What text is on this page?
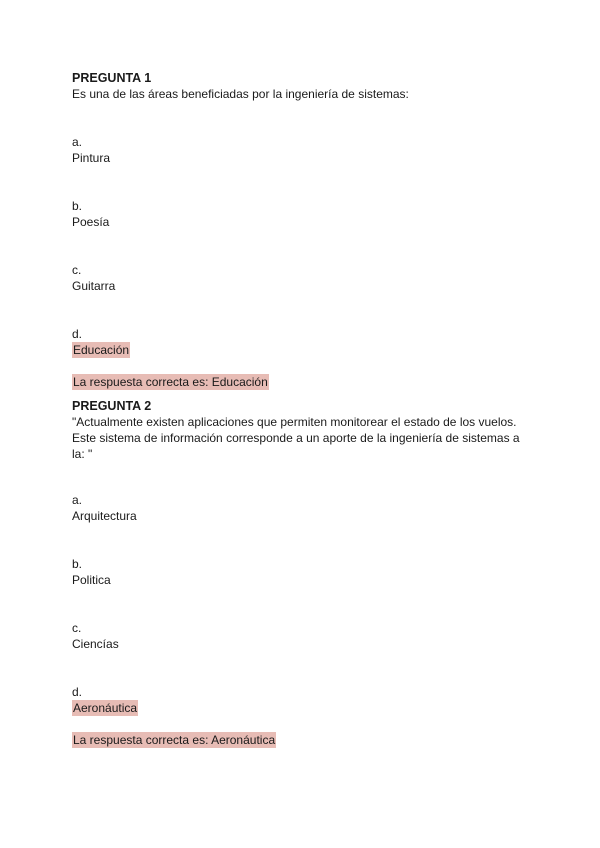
PREGUNTA 1
Es una de las áreas beneficiadas por la ingeniería de sistemas:
a.
Pintura
b.
Poesía
c.
Guitarra
d.
Educación
La respuesta correcta es: Educación
PREGUNTA 2
"Actualmente existen aplicaciones que permiten monitorear el estado de los vuelos.
Este sistema de información corresponde a un aporte de la ingeniería de sistemas a
la: "
a.
Arquitectura
b.
Politica
c.
Ciencías
d.
Aeronáutica
La respuesta correcta es: Aeronáutica
